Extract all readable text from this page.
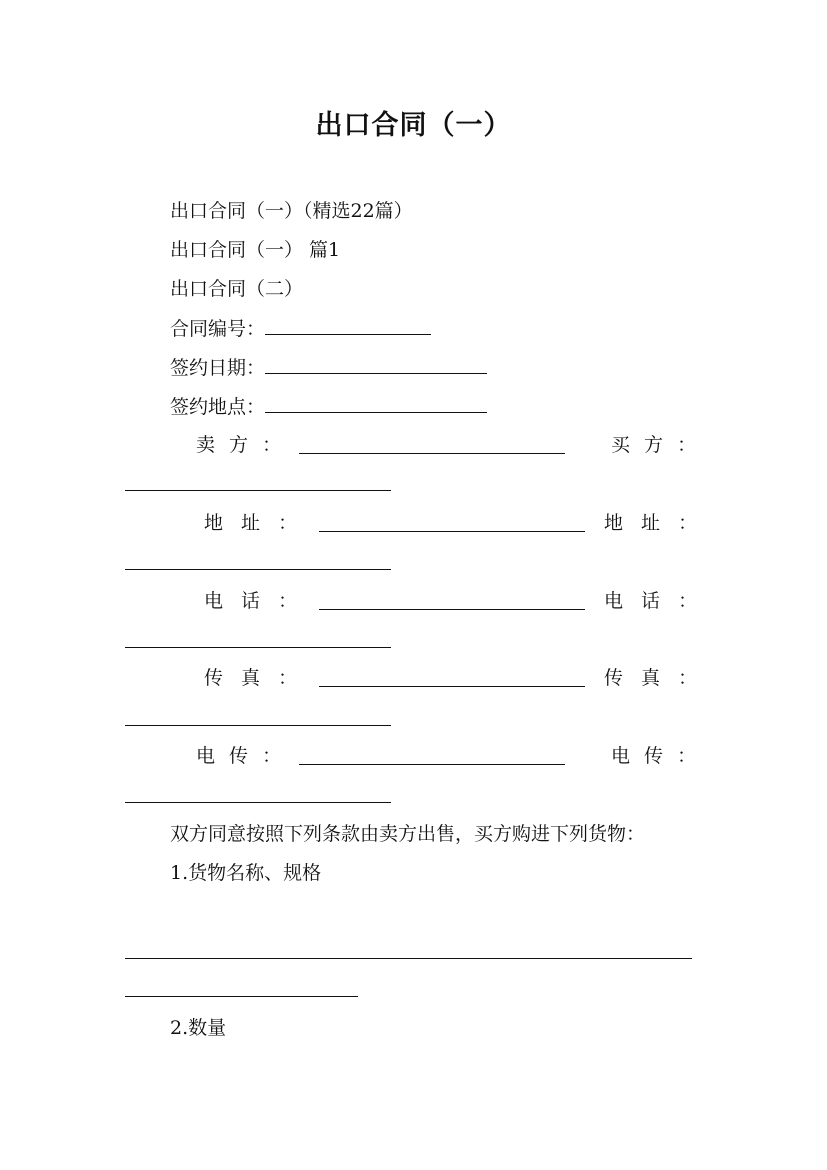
出口合同（一）
出口合同（一）（精选22篇）
出口合同（一） 篇1
出口合同（二）
合同编号：
签约日期：
签约地点：
卖 方 ：	买 方 ：
地 址 ：	地 址 ：
电 话 ：	电 话 ：
传 真 ：	传 真 ：
电 传 ：	电 传 ：
双方同意按照下列条款由卖方出售，买方购进下列货物：
1.货物名称、规格
2.数量
